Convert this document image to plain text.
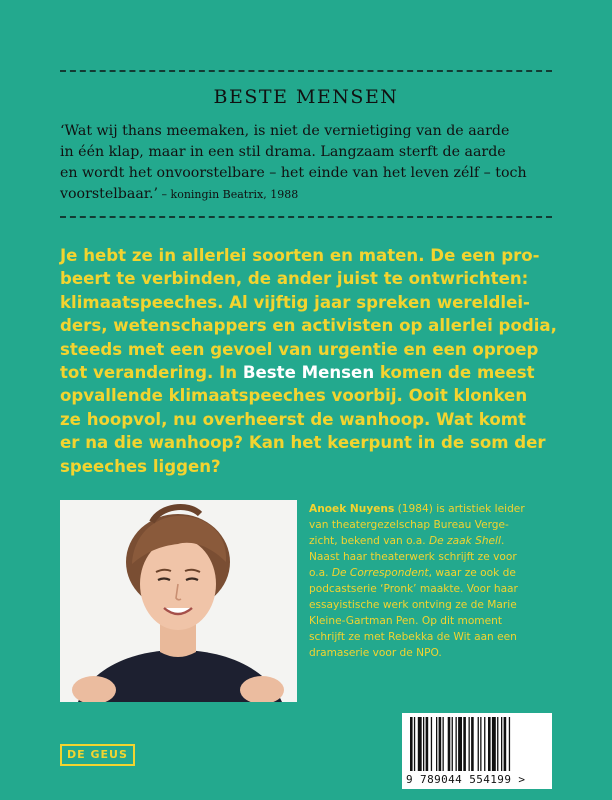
BESTE MENSEN
‘Wat wij thans meemaken, is niet de vernietiging van de aarde
in één klap, maar in een stil drama. Langzaam sterft de aarde
en wordt het onvoorstelbare – het einde van het leven zélf – toch
voorstelbaar.’ – koningin Beatrix, 1988
Je hebt ze in allerlei soorten en maten. De een pro-
beert te verbinden, de ander juist te ontwrichten:
klimaatspeeches. Al vijftig jaar spreken wereldlei-
ders, wetenschappers en activisten op allerlei podia,
steeds met een gevoel van urgentie en een oproep
tot verandering. In Beste Mensen komen de meest
opvallende klimaatspeeches voorbij. Ooit klonken
ze hoopvol, nu overheerst de wanhoop. Wat komt
er na die wanhoop? Kan het keerpunt in de som der
speeches liggen?
Anoek Nuyens (1984) is artistiek leider
van theatergezelschap Bureau Verge-
zicht, bekend van o.a. De zaak Shell.
Naast haar theaterwerk schrijft ze voor
o.a. De Correspondent, waar ze ook de
podcastserie ‘Pronk’ maakte. Voor haar
essayistische werk ontving ze de Marie
Kleine-Gartman Pen. Op dit moment
schrijft ze met Rebekka de Wit aan een
dramaserie voor de NPO.
DE GEUS
9 789044 554199 >
